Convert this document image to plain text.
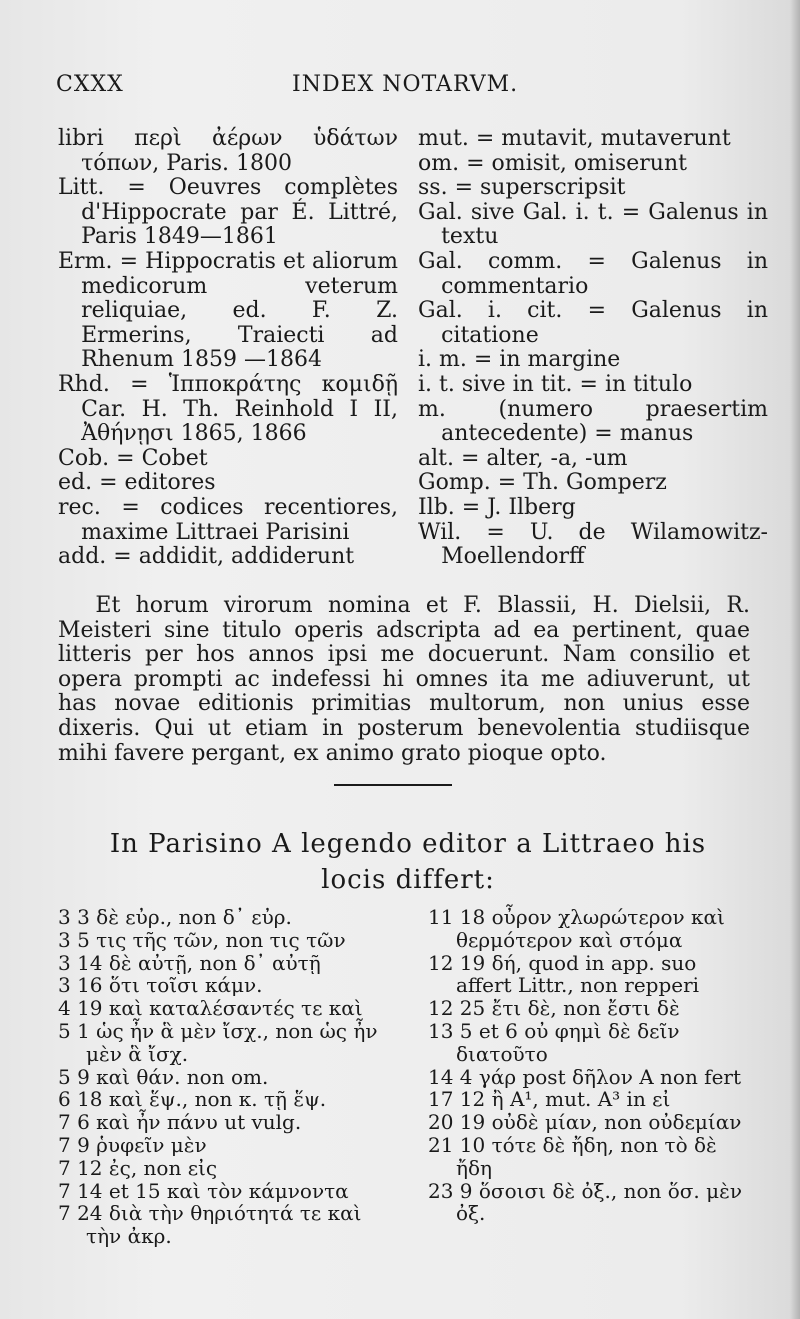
CXXX	INDEX NOTARVM.
libri περὶ ἀέρων ὑδάτων τόπων, Paris. 1800
Litt. = Oeuvres complètes d'Hippocrate par É. Littré, Paris 1849—1861
Erm. = Hippocratis et aliorum medicorum veterum reliquiae, ed. F. Z. Ermerins, Traiecti ad Rhenum 1859 —1864
Rhd. = Ἱπποκράτης κομιδῇ Car. H. Th. Reinhold I II, Ἀθήνῃσι 1865, 1866
Cob. = Cobet
ed. = editores
rec. = codices recentiores, maxime Littraei Parisini
add. = addidit, addiderunt
mut. = mutavit, mutaverunt
om. = omisit, omiserunt
ss. = superscripsit
Gal. sive Gal. i. t. = Galenus in textu
Gal. comm. = Galenus in commentario
Gal. i. cit. = Galenus in citatione
i. m. = in margine
i. t. sive in tit. = in titulo
m. (numero praesertim antecedente) = manus
alt. = alter, -a, -um
Gomp. = Th. Gomperz
Ilb. = J. Ilberg
Wil. = U. de Wilamowitz-Moellendorff
Et horum virorum nomina et F. Blassii, H. Dielsii, R. Meisteri sine titulo operis adscripta ad ea pertinent, quae litteris per hos annos ipsi me docuerunt. Nam consilio et opera prompti ac indefessi hi omnes ita me adiuverunt, ut has novae editionis primitias multorum, non unius esse dixeris. Qui ut etiam in posterum benevolentia studiisque mihi favere pergant, ex animo grato pioque opto.
In Parisino A legendo editor a Littraeo his
locis differt:
3 3 δὲ εὐρ., non δ᾽ εὐρ.
3 5 τις τῆς τῶν, non τις τῶν
3 14 δὲ αὐτῇ, non δ᾽ αὐτῇ
3 16 ὅτι τοῖσι κάμν.
4 19 καὶ καταλέσαντές τε καὶ
5 1 ὡς ἦν ἃ μὲν ἴσχ., non ὡς ἦν μὲν ἃ ἴσχ.
5 9 καὶ θάν. non om.
6 18 καὶ ἕψ., non κ. τῇ ἕψ.
7 6 καὶ ἦν πάνυ ut vulg.
7 9 ῥυφεῖν μὲν
7 12 ἐς, non εἰς
7 14 et 15 καὶ τὸν κάμνοντα
7 24 διὰ τὴν θηριότητά τε καὶ τὴν ἀκρ.
11 18 οὖρον χλωρώτερον καὶ θερμότερον καὶ στόμα
12 19 δή, quod in app. suo affert Littr., non repperi
12 25 ἔτι δὲ, non ἔστι δὲ
13 5 et 6 οὐ φημὶ δὲ δεῖν διατοῦτο
14 4 γάρ post δῆλον A non fert
17 12 ἢ A¹, mut. A³ in εἰ
20 19 οὐδὲ μίαν, non οὐδεμίαν
21 10 τότε δὲ ἤδη, non τὸ δὲ ἤδη
23 9 ὅσοισι δὲ ὀξ., non ὅσ. μὲν ὀξ.
